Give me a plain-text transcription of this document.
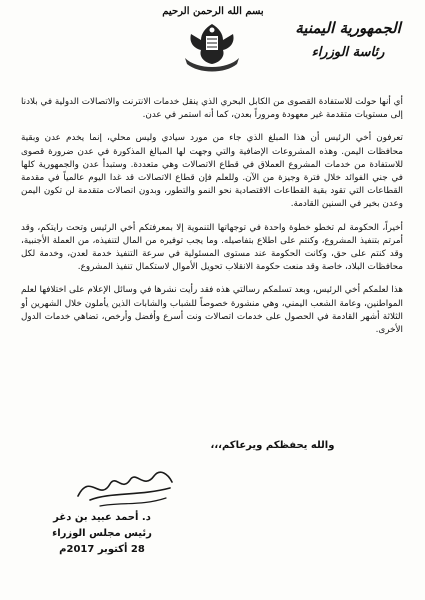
الجمهورية اليمنية
رئاسة الوزراء
بسم الله الرحمن الرحيم

أي أنها حولت للاستفادة القصوى من الكابل البحري الذي ينقل خدمات الانترنت والاتصالات الدولية في بلادنا إلى مستويات متقدمة غير معهودة ومروراً بعدن، كما أنه استمر في عدن.

تعرفون أخي الرئيس أن هذا المبلغ الذي جاء من مورد سيادي وليس محلي، إنما يخدم عدن وبقية محافظات اليمن. وهذه المشروعات الإضافية والتي وجهت لها المبالغ المذكورة في عدن ضرورة قصوى للاستفادة من خدمات المشروع العملاق في قطاع الاتصالات وهي متعددة. وستبدأ عدن والجمهورية كلها في جني الفوائد خلال فترة وجيزة من الآن. وللعلم فإن قطاع الاتصالات قد غدا اليوم عالمياً في مقدمة القطاعات التي تقود بقية القطاعات الاقتصادية نحو النمو والتطور، وبدون اتصالات متقدمة لن تكون اليمن وعدن بخير في السنين القادمة.

أخيراً، الحكومة لم تخطو خطوة واحدة في توجهاتها التنموية إلا بمعرفتكم أخي الرئيس وتحت رايتكم، وقد أمرتم بتنفيذ المشروع، وكنتم على اطلاع بتفاصيله. وما يجب توفيره من المال لتنفيذه، من العملة الأجنبية، وقد كنتم على حق، وكانت الحكومة عند مستوى المسئولية في سرعة التنفيذ خدمة لعدن، وخدمة لكل محافظات البلاد، خاصة وقد منعت حكومة الانقلاب تحويل الأموال لاستكمال تنفيذ المشروع.

هذا لعلمكم أخي الرئيس، وبعد تسلمكم رسالتي هذه فقد رأيت نشرها في وسائل الإعلام على اختلافها لعلم المواطنين، وعامة الشعب اليمني، وهي منشورة خصوصاً للشباب والشابات الذين يأملون خلال الشهرين أو الثلاثة أشهر القادمة في الحصول على خدمات اتصالات ونت أسرع وأفضل وأرخص، تضاهي خدمات الدول الأخرى.

والله يحفظكم ويرعاكم،،،
د. أحمد عبيد بن دغر
رئيس مجلس الوزراء
28 أكتوبر 2017م
